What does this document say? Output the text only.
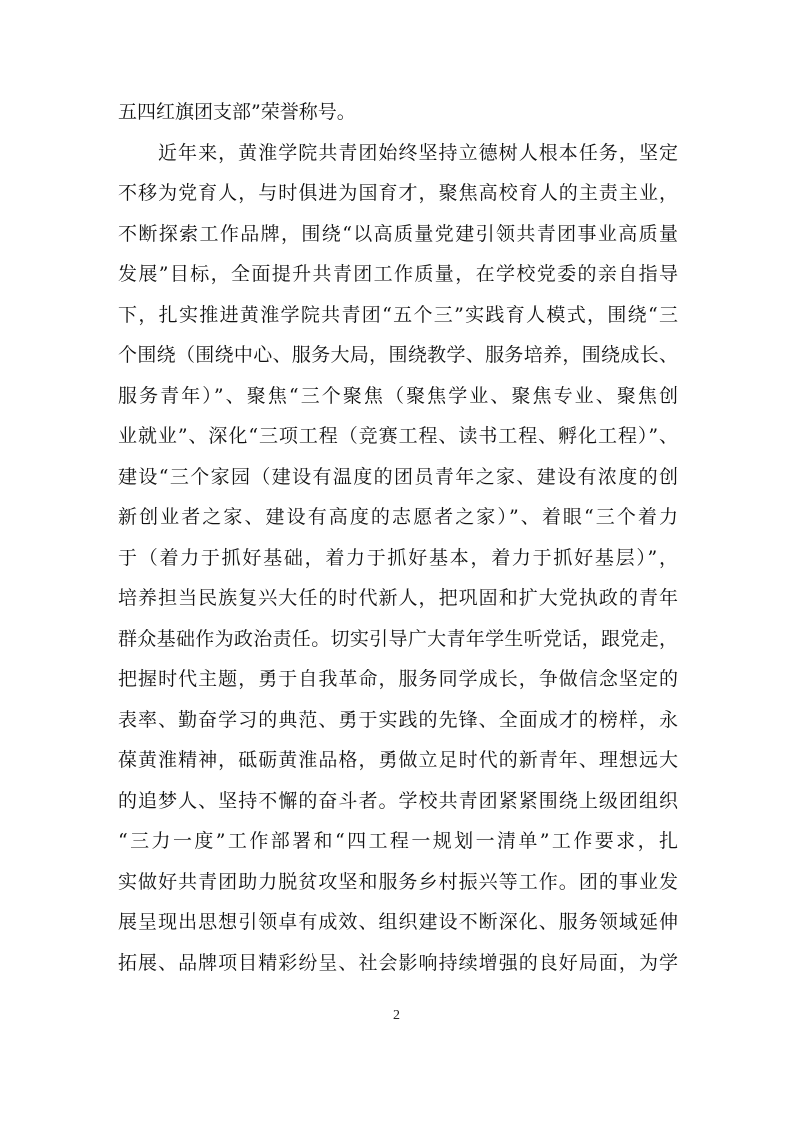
五四红旗团支部”荣誉称号。
近年来，黄淮学院共青团始终坚持立德树人根本任务，坚定
不移为党育人，与时俱进为国育才，聚焦高校育人的主责主业，
不断探索工作品牌，围绕“以高质量党建引领共青团事业高质量
发展”目标，全面提升共青团工作质量，在学校党委的亲自指导
下，扎实推进黄淮学院共青团“五个三”实践育人模式，围绕“三
个围绕（围绕中心、服务大局，围绕教学、服务培养，围绕成长、
服务青年）”、聚焦“三个聚焦（聚焦学业、聚焦专业、聚焦创
业就业”、深化“三项工程（竞赛工程、读书工程、孵化工程）”、
建设“三个家园（建设有温度的团员青年之家、建设有浓度的创
新创业者之家、建设有高度的志愿者之家）”、着眼“三个着力
于（着力于抓好基础，着力于抓好基本，着力于抓好基层）”，
培养担当民族复兴大任的时代新人，把巩固和扩大党执政的青年
群众基础作为政治责任。切实引导广大青年学生听党话，跟党走，
把握时代主题，勇于自我革命，服务同学成长，争做信念坚定的
表率、勤奋学习的典范、勇于实践的先锋、全面成才的榜样，永
葆黄淮精神，砥砺黄淮品格，勇做立足时代的新青年、理想远大
的追梦人、坚持不懈的奋斗者。学校共青团紧紧围绕上级团组织
“三力一度”工作部署和“四工程一规划一清单”工作要求，扎
实做好共青团助力脱贫攻坚和服务乡村振兴等工作。团的事业发
展呈现出思想引领卓有成效、组织建设不断深化、服务领域延伸
拓展、品牌项目精彩纷呈、社会影响持续增强的良好局面，为学
2
